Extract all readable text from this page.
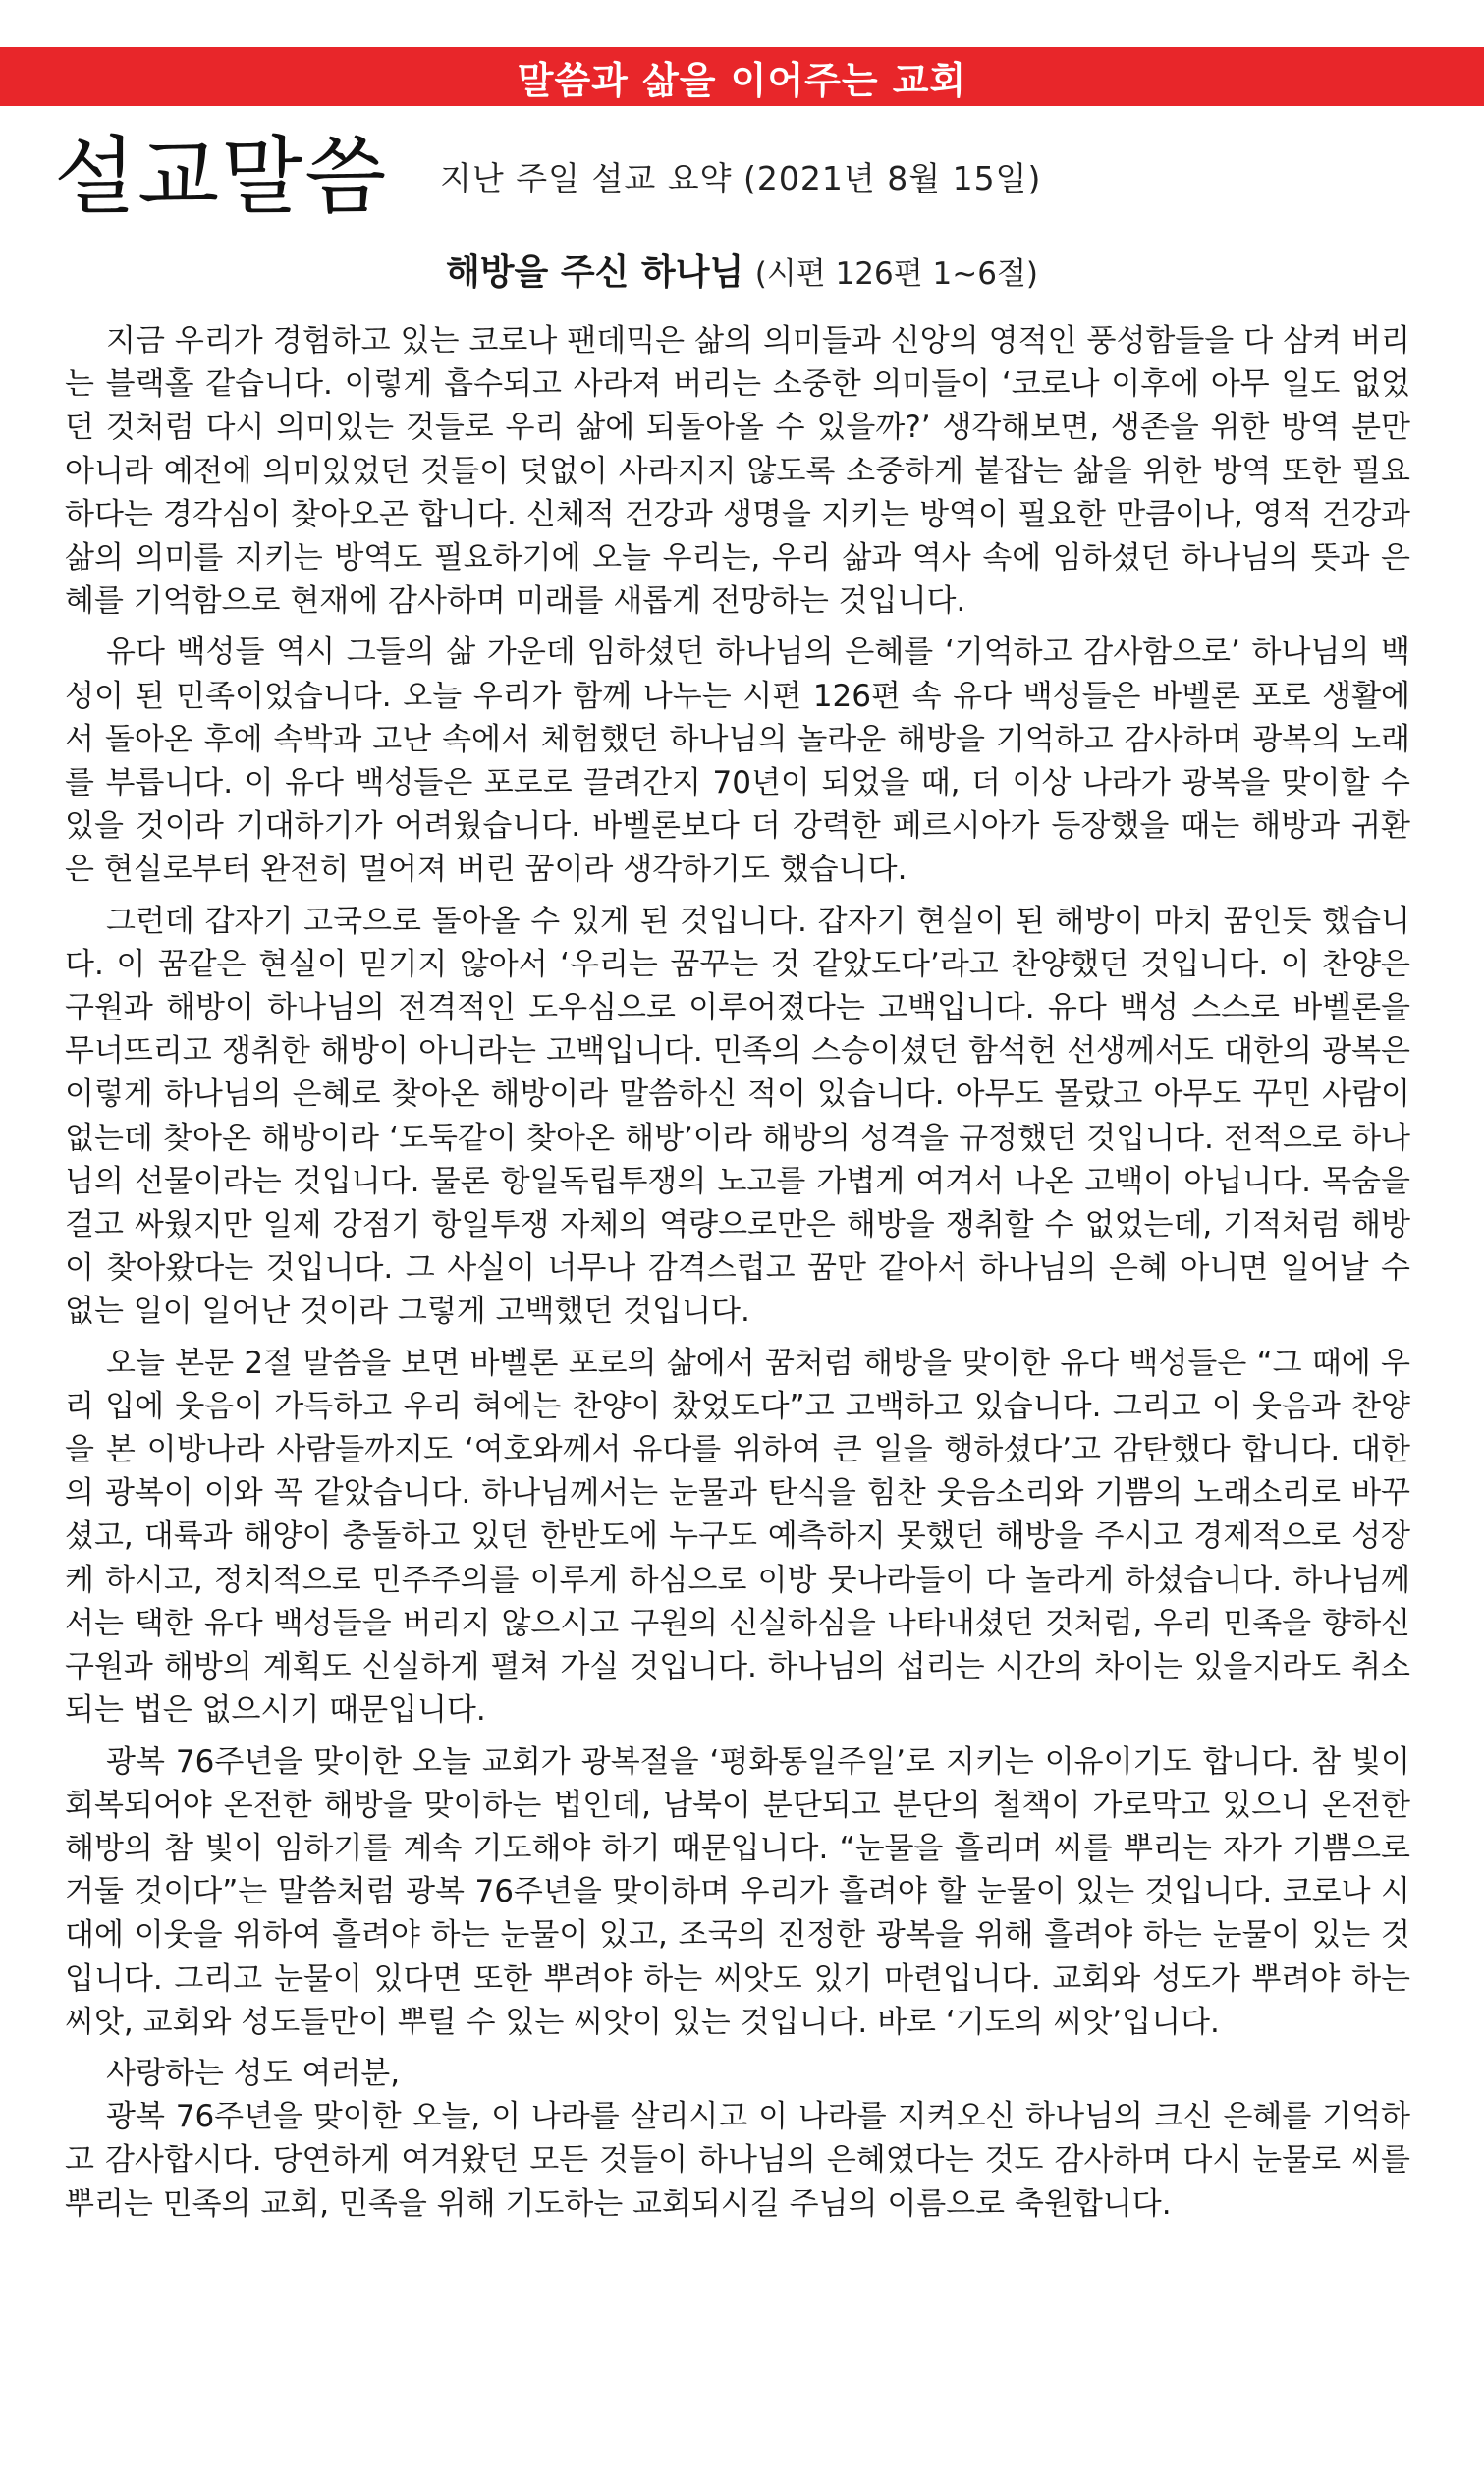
말씀과 삶을 이어주는 교회
설교말씀 지난 주일 설교 요약 (2021년 8월 15일)
해방을 주신 하나님 (시편 126편 1~6절)

지금 우리가 경험하고 있는 코로나 팬데믹은 삶의 의미들과 신앙의 영적인 풍성함들을 다 삼켜 버리는 블랙홀 같습니다. 이렇게 흡수되고 사라져 버리는 소중한 의미들이 ‘코로나 이후에 아무 일도 없었던 것처럼 다시 의미있는 것들로 우리 삶에 되돌아올 수 있을까?’ 생각해보면, 생존을 위한 방역 분만 아니라 예전에 의미있었던 것들이 덧없이 사라지지 않도록 소중하게 붙잡는 삶을 위한 방역 또한 필요하다는 경각심이 찾아오곤 합니다. 신체적 건강과 생명을 지키는 방역이 필요한 만큼이나, 영적 건강과 삶의 의미를 지키는 방역도 필요하기에 오늘 우리는, 우리 삶과 역사 속에 임하셨던 하나님의 뜻과 은혜를 기억함으로 현재에 감사하며 미래를 새롭게 전망하는 것입니다.

유다 백성들 역시 그들의 삶 가운데 임하셨던 하나님의 은혜를 ‘기억하고 감사함으로’ 하나님의 백성이 된 민족이었습니다. 오늘 우리가 함께 나누는 시편 126편 속 유다 백성들은 바벨론 포로 생활에서 돌아온 후에 속박과 고난 속에서 체험했던 하나님의 놀라운 해방을 기억하고 감사하며 광복의 노래를 부릅니다. 이 유다 백성들은 포로로 끌려간지 70년이 되었을 때, 더 이상 나라가 광복을 맞이할 수 있을 것이라 기대하기가 어려웠습니다. 바벨론보다 더 강력한 페르시아가 등장했을 때는 해방과 귀환은 현실로부터 완전히 멀어져 버린 꿈이라 생각하기도 했습니다.

그런데 갑자기 고국으로 돌아올 수 있게 된 것입니다. 갑자기 현실이 된 해방이 마치 꿈인듯 했습니다. 이 꿈같은 현실이 믿기지 않아서 ‘우리는 꿈꾸는 것 같았도다’라고 찬양했던 것입니다. 이 찬양은 구원과 해방이 하나님의 전격적인 도우심으로 이루어졌다는 고백입니다. 유다 백성 스스로 바벨론을 무너뜨리고 쟁취한 해방이 아니라는 고백입니다. 민족의 스승이셨던 함석헌 선생께서도 대한의 광복은 이렇게 하나님의 은혜로 찾아온 해방이라 말씀하신 적이 있습니다. 아무도 몰랐고 아무도 꾸민 사람이 없는데 찾아온 해방이라 ‘도둑같이 찾아온 해방’이라 해방의 성격을 규정했던 것입니다. 전적으로 하나님의 선물이라는 것입니다. 물론 항일독립투쟁의 노고를 가볍게 여겨서 나온 고백이 아닙니다. 목숨을 걸고 싸웠지만 일제 강점기 항일투쟁 자체의 역량으로만은 해방을 쟁취할 수 없었는데, 기적처럼 해방이 찾아왔다는 것입니다. 그 사실이 너무나 감격스럽고 꿈만 같아서 하나님의 은혜 아니면 일어날 수 없는 일이 일어난 것이라 그렇게 고백했던 것입니다.

오늘 본문 2절 말씀을 보면 바벨론 포로의 삶에서 꿈처럼 해방을 맞이한 유다 백성들은 “그 때에 우리 입에 웃음이 가득하고 우리 혀에는 찬양이 찼었도다”고 고백하고 있습니다. 그리고 이 웃음과 찬양을 본 이방나라 사람들까지도 ‘여호와께서 유다를 위하여 큰 일을 행하셨다’고 감탄했다 합니다. 대한의 광복이 이와 꼭 같았습니다. 하나님께서는 눈물과 탄식을 힘찬 웃음소리와 기쁨의 노래소리로 바꾸셨고, 대륙과 해양이 충돌하고 있던 한반도에 누구도 예측하지 못했던 해방을 주시고 경제적으로 성장케 하시고, 정치적으로 민주주의를 이루게 하심으로 이방 뭇나라들이 다 놀라게 하셨습니다. 하나님께서는 택한 유다 백성들을 버리지 않으시고 구원의 신실하심을 나타내셨던 것처럼, 우리 민족을 향하신 구원과 해방의 계획도 신실하게 펼쳐 가실 것입니다. 하나님의 섭리는 시간의 차이는 있을지라도 취소되는 법은 없으시기 때문입니다.

광복 76주년을 맞이한 오늘 교회가 광복절을 ‘평화통일주일’로 지키는 이유이기도 합니다. 참 빛이 회복되어야 온전한 해방을 맞이하는 법인데, 남북이 분단되고 분단의 철책이 가로막고 있으니 온전한 해방의 참 빛이 임하기를 계속 기도해야 하기 때문입니다. “눈물을 흘리며 씨를 뿌리는 자가 기쁨으로 거둘 것이다”는 말씀처럼 광복 76주년을 맞이하며 우리가 흘려야 할 눈물이 있는 것입니다. 코로나 시대에 이웃을 위하여 흘려야 하는 눈물이 있고, 조국의 진정한 광복을 위해 흘려야 하는 눈물이 있는 것입니다. 그리고 눈물이 있다면 또한 뿌려야 하는 씨앗도 있기 마련입니다. 교회와 성도가 뿌려야 하는 씨앗, 교회와 성도들만이 뿌릴 수 있는 씨앗이 있는 것입니다. 바로 ‘기도의 씨앗’입니다.

사랑하는 성도 여러분,

광복 76주년을 맞이한 오늘, 이 나라를 살리시고 이 나라를 지켜오신 하나님의 크신 은혜를 기억하고 감사합시다. 당연하게 여겨왔던 모든 것들이 하나님의 은혜였다는 것도 감사하며 다시 눈물로 씨를 뿌리는 민족의 교회, 민족을 위해 기도하는 교회되시길 주님의 이름으로 축원합니다.
